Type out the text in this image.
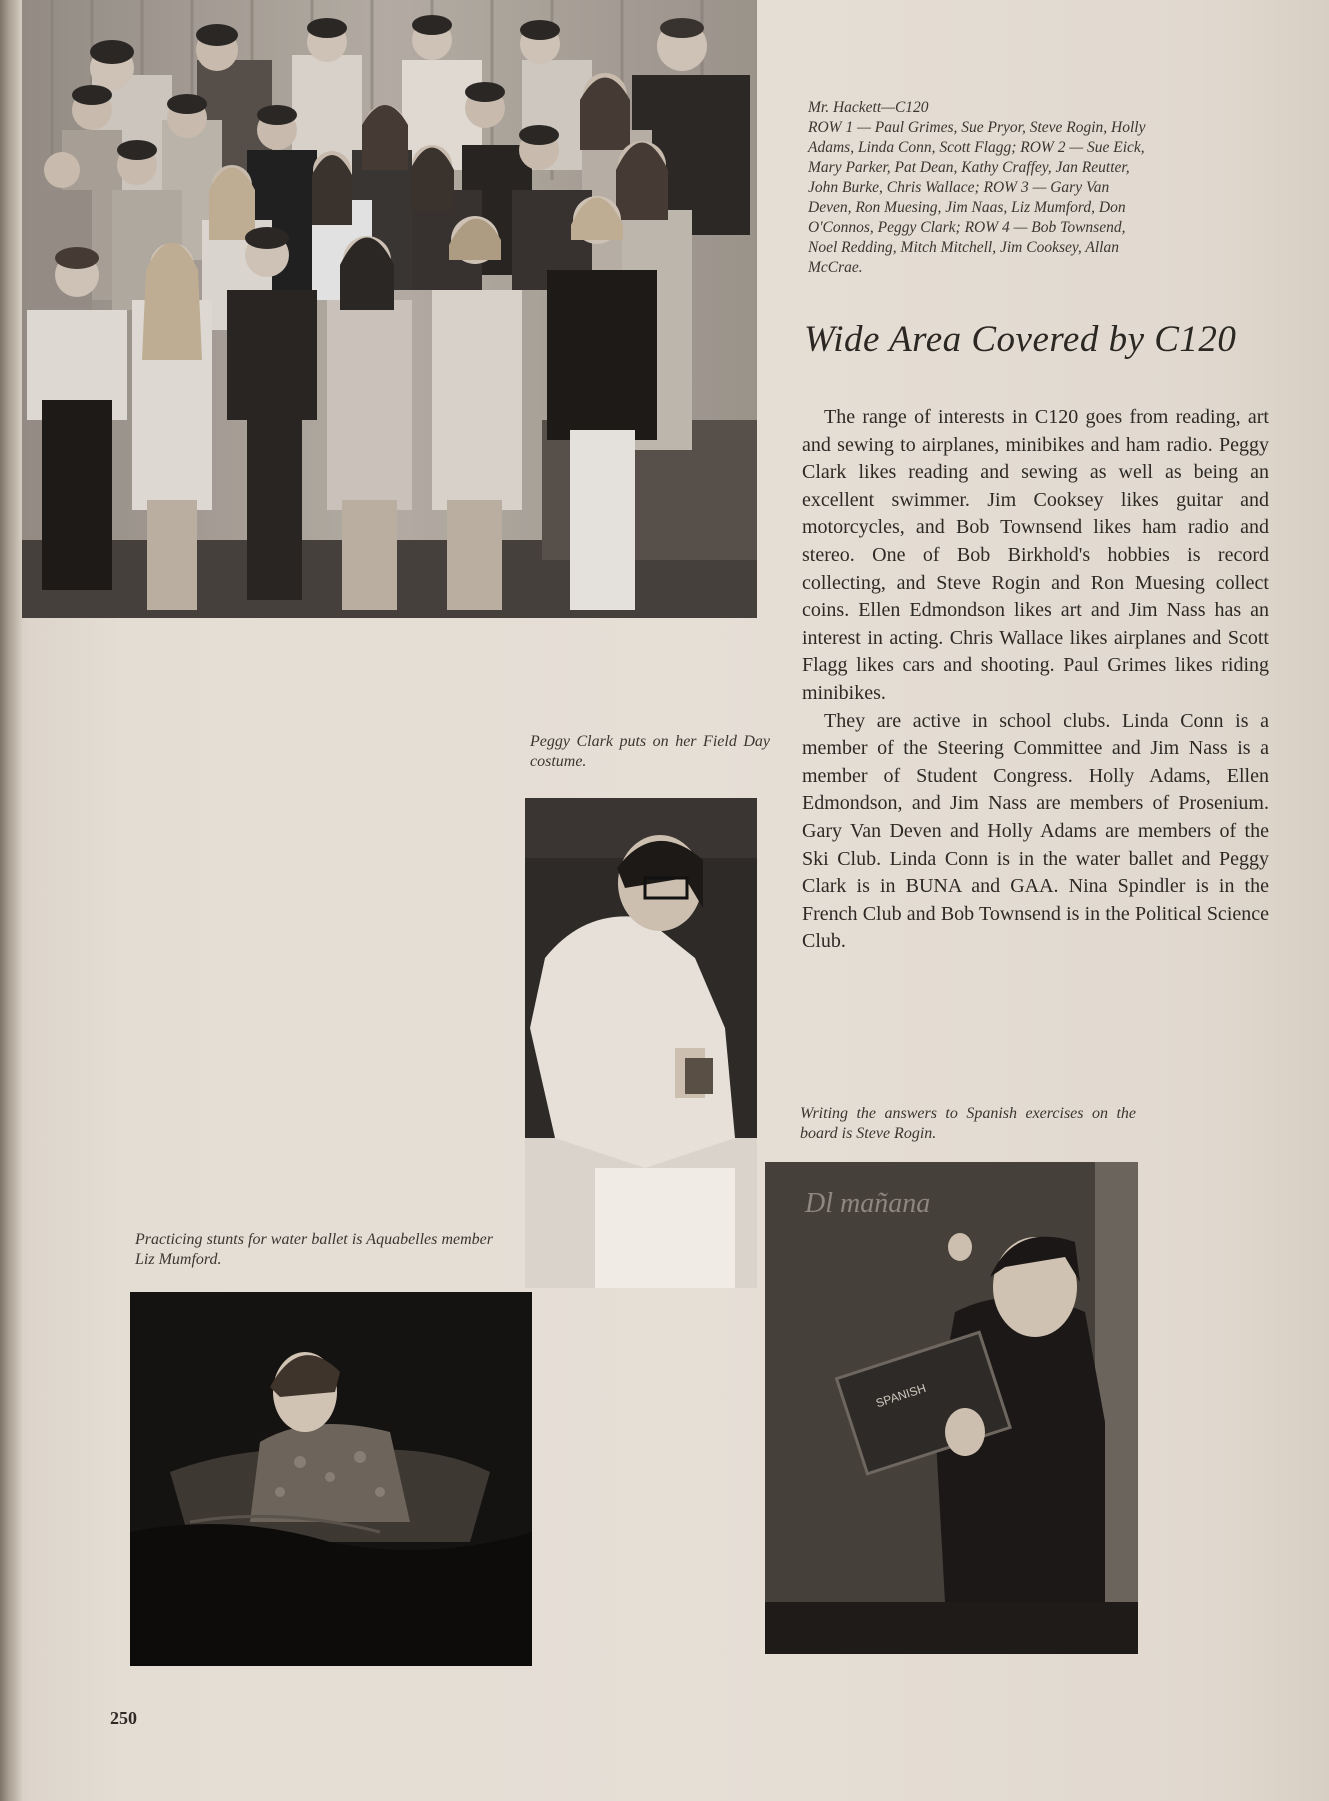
Mr. Hackett—C120
ROW 1 — Paul Grimes, Sue Pryor, Steve Rogin, Holly
Adams, Linda Conn, Scott Flagg; ROW 2 — Sue Eick,
Mary Parker, Pat Dean, Kathy Craffey, Jan Reutter,
John Burke, Chris Wallace; ROW 3 — Gary Van
Deven, Ron Muesing, Jim Naas, Liz Mumford, Don
O'Connos, Peggy Clark; ROW 4 — Bob Townsend,
Noel Redding, Mitch Mitchell, Jim Cooksey, Allan
McCrae.
Wide Area Covered by C120

The range of interests in C120 goes from reading, art and sewing to airplanes, minibikes and ham radio. Peggy Clark likes reading and sewing as well as being an excellent swimmer. Jim Cooksey likes guitar and motorcycles, and Bob Townsend likes ham radio and stereo. One of Bob Birkhold's hobbies is record collecting, and Steve Rogin and Ron Muesing collect coins. Ellen Edmondson likes art and Jim Nass has an interest in acting. Chris Wallace likes airplanes and Scott Flagg likes cars and shooting. Paul Grimes likes riding minibikes.

They are active in school clubs. Linda Conn is a member of the Steering Committee and Jim Nass is a member of Student Congress. Holly Adams, Ellen Edmondson, and Jim Nass are members of Prosenium. Gary Van Deven and Holly Adams are members of the Ski Club. Linda Conn is in the water ballet and Peggy Clark is in BUNA and GAA. Nina Spindler is in the French Club and Bob Townsend is in the Political Science Club.

Peggy Clark puts on her Field Day costume.
Writing the answers to Spanish exercises on the board is Steve Rogin.
Dl mañana
SPANISH
Practicing stunts for water ballet is Aquabelles member Liz Mumford.
250
